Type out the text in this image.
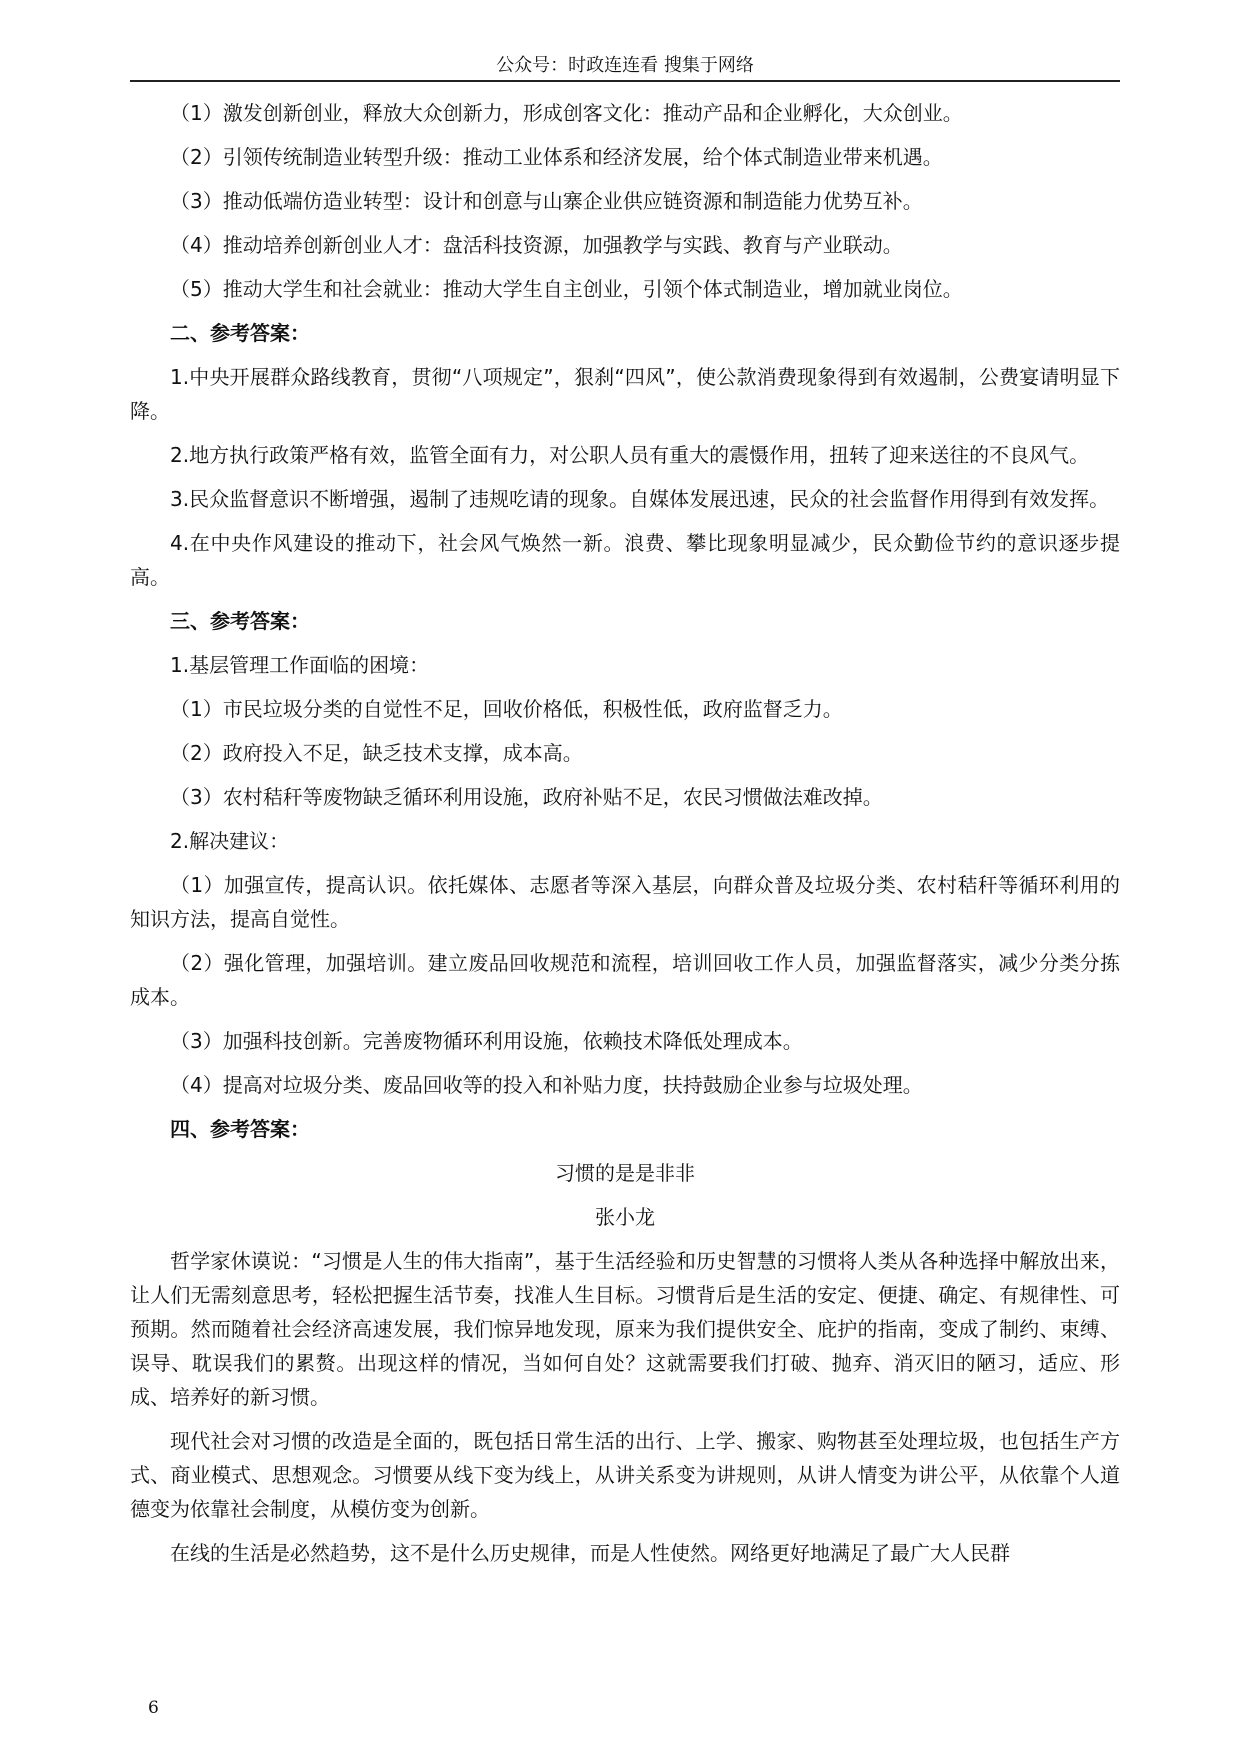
公众号：时政连连看 搜集于网络

（1）激发创新创业，释放大众创新力，形成创客文化：推动产品和企业孵化，大众创业。

（2）引领传统制造业转型升级：推动工业体系和经济发展，给个体式制造业带来机遇。

（3）推动低端仿造业转型：设计和创意与山寨企业供应链资源和制造能力优势互补。

（4）推动培养创新创业人才：盘活科技资源，加强教学与实践、教育与产业联动。

（5）推动大学生和社会就业：推动大学生自主创业，引领个体式制造业，增加就业岗位。

二、参考答案：

1.中央开展群众路线教育，贯彻“八项规定”，狠刹“四风”，使公款消费现象得到有效遏制，公费宴请明显下降。

2.地方执行政策严格有效，监管全面有力，对公职人员有重大的震慑作用，扭转了迎来送往的不良风气。

3.民众监督意识不断增强，遏制了违规吃请的现象。自媒体发展迅速，民众的社会监督作用得到有效发挥。

4.在中央作风建设的推动下，社会风气焕然一新。浪费、攀比现象明显减少，民众勤俭节约的意识逐步提高。

三、参考答案：

1.基层管理工作面临的困境：

（1）市民垃圾分类的自觉性不足，回收价格低，积极性低，政府监督乏力。

（2）政府投入不足，缺乏技术支撑，成本高。

（3）农村秸秆等废物缺乏循环利用设施，政府补贴不足，农民习惯做法难改掉。

2.解决建议：

（1）加强宣传，提高认识。依托媒体、志愿者等深入基层，向群众普及垃圾分类、农村秸秆等循环利用的知识方法，提高自觉性。

（2）强化管理，加强培训。建立废品回收规范和流程，培训回收工作人员，加强监督落实，减少分类分拣成本。

（3）加强科技创新。完善废物循环利用设施，依赖技术降低处理成本。

（4）提高对垃圾分类、废品回收等的投入和补贴力度，扶持鼓励企业参与垃圾处理。

四、参考答案：

习惯的是是非非

张小龙

哲学家休谟说：“习惯是人生的伟大指南”，基于生活经验和历史智慧的习惯将人类从各种选择中解放出来，让人们无需刻意思考，轻松把握生活节奏，找准人生目标。习惯背后是生活的安定、便捷、确定、有规律性、可预期。然而随着社会经济高速发展，我们惊异地发现，原来为我们提供安全、庇护的指南，变成了制约、束缚、误导、耽误我们的累赘。出现这样的情况，当如何自处？这就需要我们打破、抛弃、消灭旧的陋习，适应、形成、培养好的新习惯。

现代社会对习惯的改造是全面的，既包括日常生活的出行、上学、搬家、购物甚至处理垃圾，也包括生产方式、商业模式、思想观念。习惯要从线下变为线上，从讲关系变为讲规则，从讲人情变为讲公平，从依靠个人道德变为依靠社会制度，从模仿变为创新。

在线的生活是必然趋势，这不是什么历史规律，而是人性使然。网络更好地满足了最广大人民群

6
